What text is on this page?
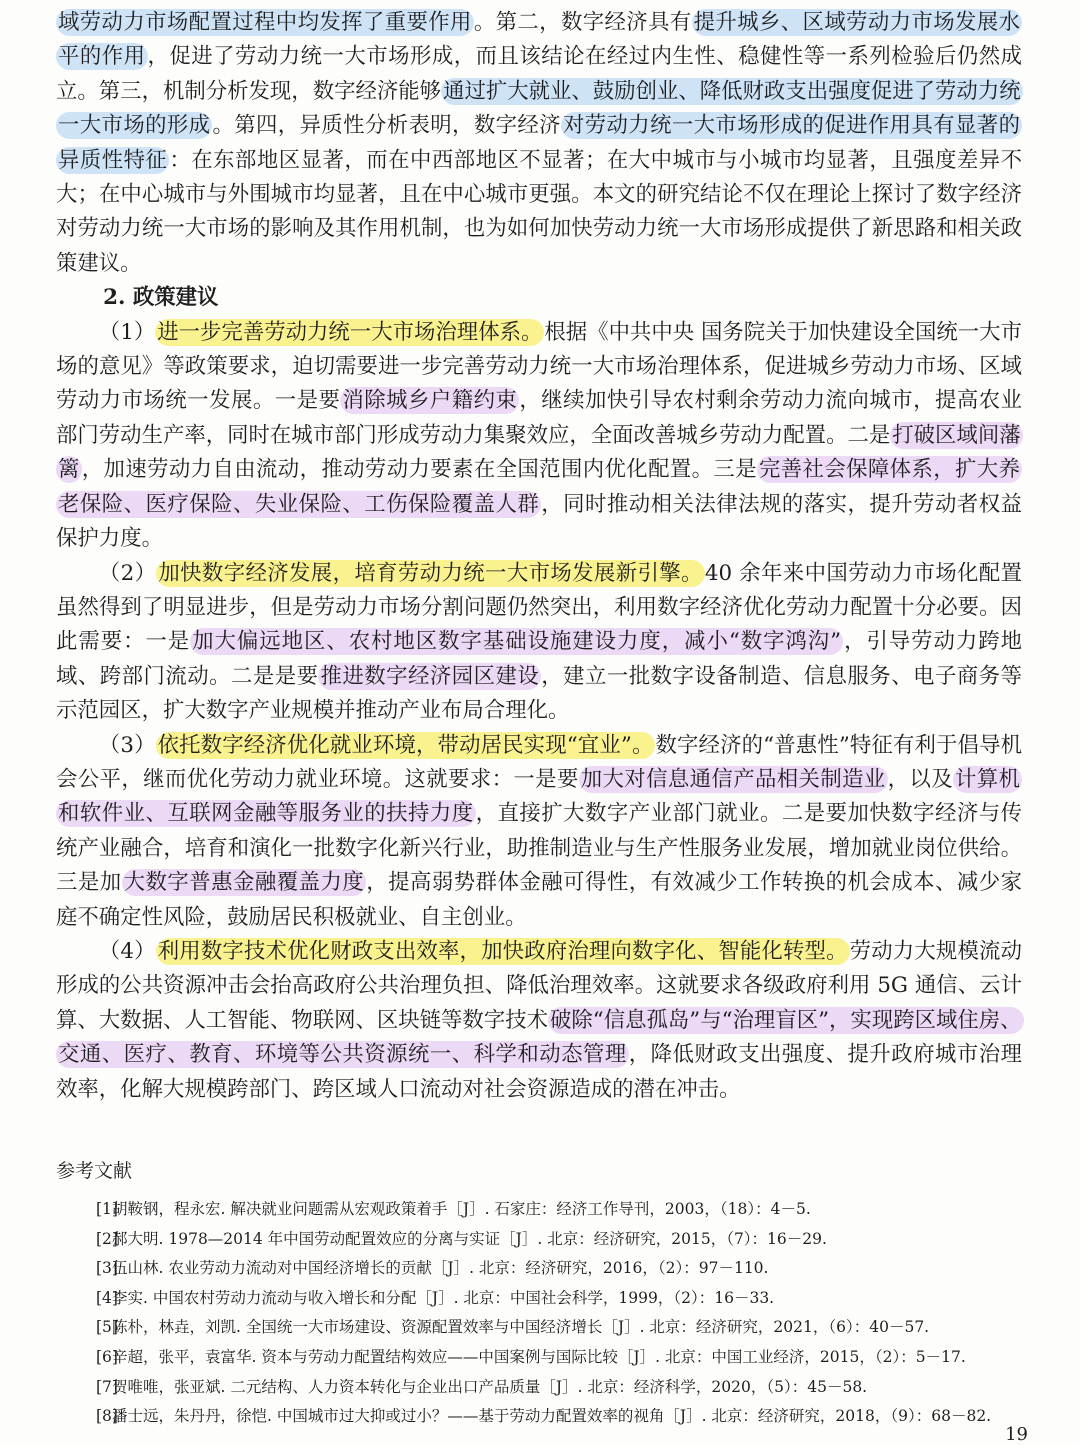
域劳动力市场配置过程中均发挥了重要作用。第二，数字经济具有提升城乡、区域劳动力市场发展水平的作用，促进了劳动力统一大市场形成，而且该结论在经过内生性、稳健性等一系列检验后仍然成立。第三，机制分析发现，数字经济能够通过扩大就业、鼓励创业、降低财政支出强度促进了劳动力统一大市场的形成。第四，异质性分析表明，数字经济对劳动力统一大市场形成的促进作用具有显著的异质性特征：在东部地区显著，而在中西部地区不显著；在大中城市与小城市均显著，且强度差异不大；在中心城市与外围城市均显著，且在中心城市更强。本文的研究结论不仅在理论上探讨了数字经济对劳动力统一大市场的影响及其作用机制，也为如何加快劳动力统一大市场形成提供了新思路和相关政策建议。

2. 政策建议

（1）进一步完善劳动力统一大市场治理体系。根据《中共中央 国务院关于加快建设全国统一大市场的意见》等政策要求，迫切需要进一步完善劳动力统一大市场治理体系，促进城乡劳动力市场、区域劳动力市场统一发展。一是要消除城乡户籍约束，继续加快引导农村剩余劳动力流向城市，提高农业部门劳动生产率，同时在城市部门形成劳动力集聚效应，全面改善城乡劳动力配置。二是打破区域间藩篱，加速劳动力自由流动，推动劳动力要素在全国范围内优化配置。三是完善社会保障体系，扩大养老保险、医疗保险、失业保险、工伤保险覆盖人群，同时推动相关法律法规的落实，提升劳动者权益保护力度。

（2）加快数字经济发展，培育劳动力统一大市场发展新引擎。40 余年来中国劳动力市场化配置虽然得到了明显进步，但是劳动力市场分割问题仍然突出，利用数字经济优化劳动力配置十分必要。因此需要：一是加大偏远地区、农村地区数字基础设施建设力度，减小“数字鸿沟”，引导劳动力跨地域、跨部门流动。二是是要推进数字经济园区建设，建立一批数字设备制造、信息服务、电子商务等示范园区，扩大数字产业规模并推动产业布局合理化。

（3）依托数字经济优化就业环境，带动居民实现“宜业”。数字经济的“普惠性”特征有利于倡导机会公平，继而优化劳动力就业环境。这就要求：一是要加大对信息通信产品相关制造业，以及计算机和软件业、互联网金融等服务业的扶持力度，直接扩大数字产业部门就业。二是要加快数字经济与传统产业融合，培育和演化一批数字化新兴行业，助推制造业与生产性服务业发展，增加就业岗位供给。三是加大数字普惠金融覆盖力度，提高弱势群体金融可得性，有效减少工作转换的机会成本、减少家庭不确定性风险，鼓励居民积极就业、自主创业。

（4）利用数字技术优化财政支出效率，加快政府治理向数字化、智能化转型。劳动力大规模流动形成的公共资源冲击会抬高政府公共治理负担、降低治理效率。这就要求各级政府利用 5G 通信、云计算、大数据、人工智能、物联网、区块链等数字技术破除“信息孤岛”与“治理盲区”，实现跨区域住房、交通、医疗、教育、环境等公共资源统一、科学和动态管理，降低财政支出强度、提升政府城市治理效率，化解大规模跨部门、跨区域人口流动对社会资源造成的潜在冲击。

参考文献
[1]
胡鞍钢，程永宏. 解决就业问题需从宏观政策着手［J］. 石家庄：经济工作导刊，2003，（18）：4－5.
[2]
郝大明. 1978—2014 年中国劳动配置效应的分离与实证［J］. 北京：经济研究，2015，（7）：16－29.
[3]
伍山林. 农业劳动力流动对中国经济增长的贡献［J］. 北京：经济研究，2016，（2）：97－110.
[4]
李实. 中国农村劳动力流动与收入增长和分配［J］. 北京：中国社会科学，1999，（2）：16－33.
[5]
陈朴，林垚，刘凯. 全国统一大市场建设、资源配置效率与中国经济增长［J］. 北京：经济研究，2021，（6）：40－57.
[6]
辛超，张平，袁富华. 资本与劳动力配置结构效应——中国案例与国际比较［J］. 北京：中国工业经济，2015，（2）：5－17.
[7]
贺唯唯，张亚斌. 二元结构、人力资本转化与企业出口产品质量［J］. 北京：经济科学，2020，（5）：45－58.
[8]
潘士远，朱丹丹，徐恺. 中国城市过大抑或过小？——基于劳动力配置效率的视角［J］. 北京：经济研究，2018，（9）：68－82.
19
